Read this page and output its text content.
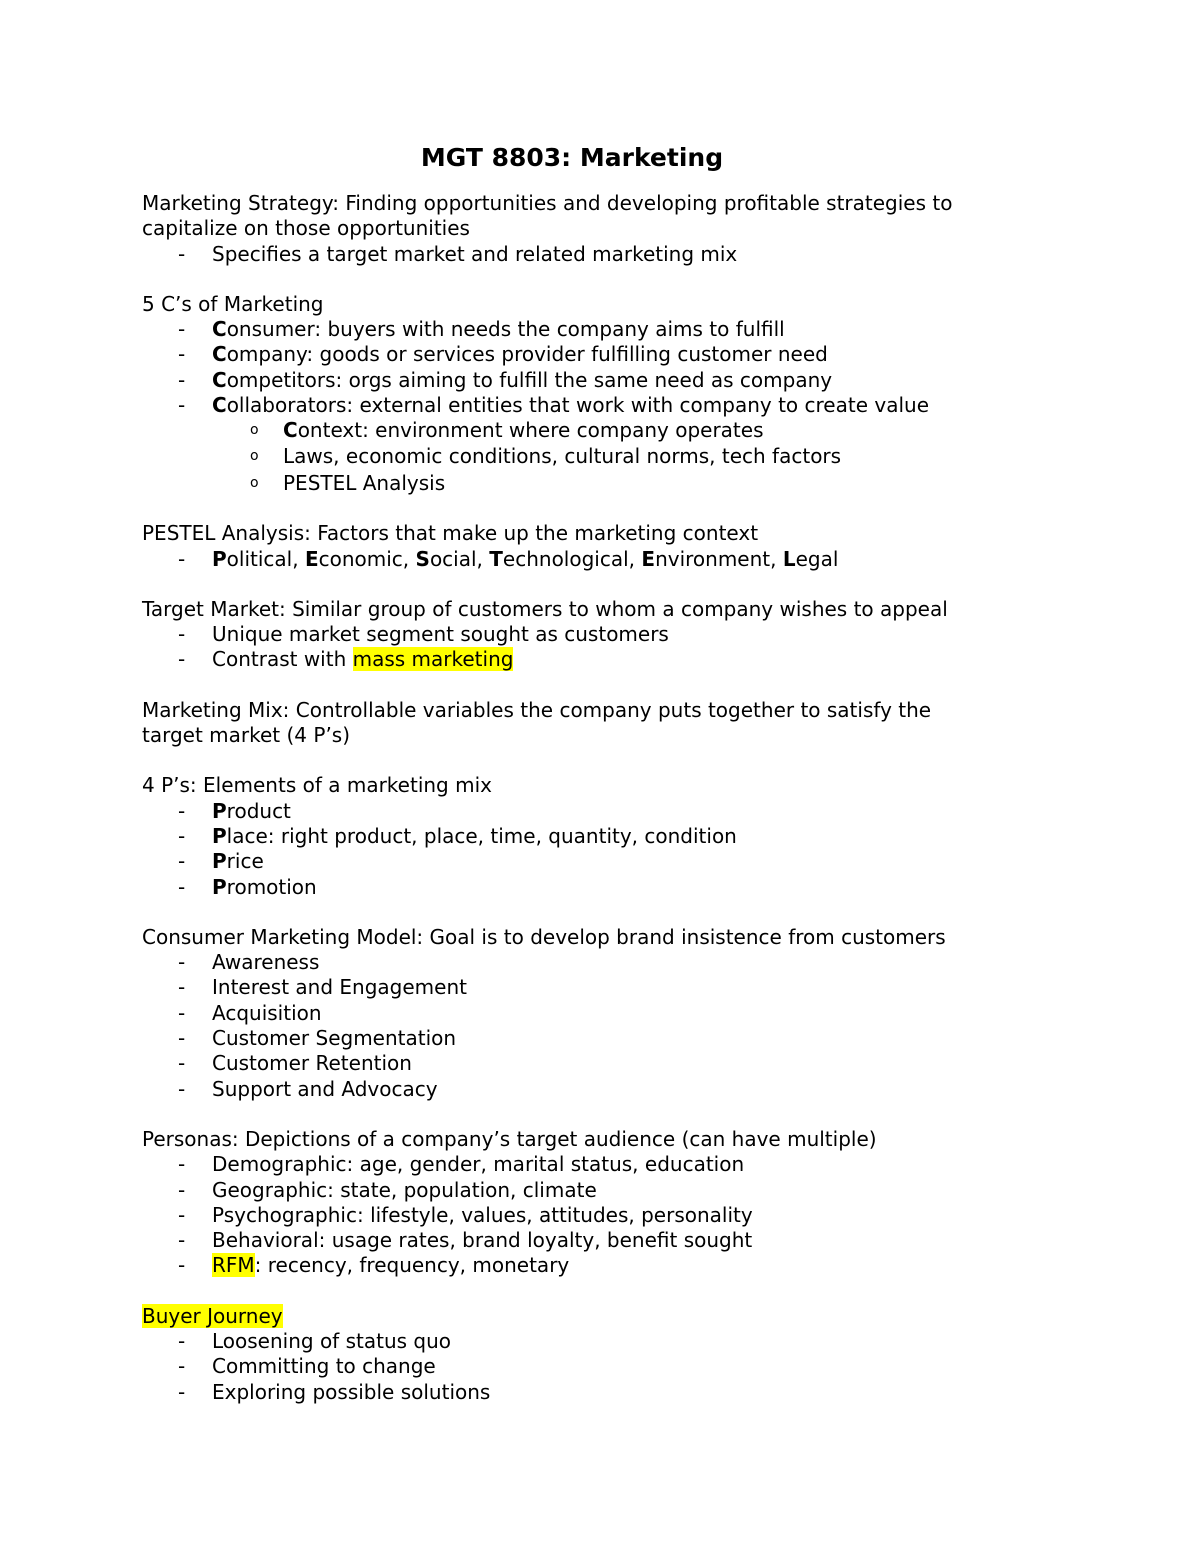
MGT 8803: Marketing
Marketing Strategy: Finding opportunities and developing profitable strategies to
capitalize on those opportunities
- Specifies a target market and related marketing mix
5 C’s of Marketing
- Consumer: buyers with needs the company aims to fulfill
- Company: goods or services provider fulfilling customer need
- Competitors: orgs aiming to fulfill the same need as company
- Collaborators: external entities that work with company to create value
o Context: environment where company operates
o Laws, economic conditions, cultural norms, tech factors
o PESTEL Analysis
PESTEL Analysis: Factors that make up the marketing context
- Political, Economic, Social, Technological, Environment, Legal
Target Market: Similar group of customers to whom a company wishes to appeal
- Unique market segment sought as customers
- Contrast with mass marketing
Marketing Mix: Controllable variables the company puts together to satisfy the
target market (4 P’s)
4 P’s: Elements of a marketing mix
- Product
- Place: right product, place, time, quantity, condition
- Price
- Promotion
Consumer Marketing Model: Goal is to develop brand insistence from customers
- Awareness
- Interest and Engagement
- Acquisition
- Customer Segmentation
- Customer Retention
- Support and Advocacy
Personas: Depictions of a company’s target audience (can have multiple)
- Demographic: age, gender, marital status, education
- Geographic: state, population, climate
- Psychographic: lifestyle, values, attitudes, personality
- Behavioral: usage rates, brand loyalty, benefit sought
- RFM: recency, frequency, monetary
Buyer Journey
- Loosening of status quo
- Committing to change
- Exploring possible solutions
